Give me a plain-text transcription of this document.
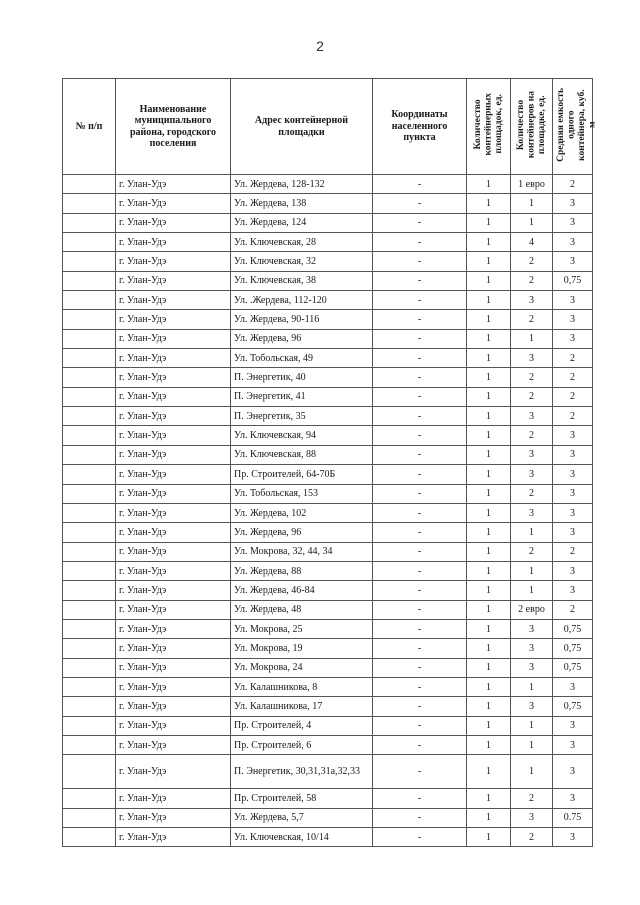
2
№ п/п	Наименование муниципального района, городского поселения	Адрес контейнерной площадки	Координаты населенного пункта	Количество
контейнерных
площадок, ед.	Количество
контейнеров на
площадке, ед.	Средняя емкость
одного
контейнера, куб.
м
	г. Улан-Удэ	Ул. Жердева, 128-132	-	1	1 евро	2
	г. Улан-Удэ	Ул. Жердева, 138	-	1	1	3
	г. Улан-Удэ	Ул. Жердева, 124	-	1	1	3
	г. Улан-Удэ	Ул. Ключевская, 28	-	1	4	3
	г. Улан-Удэ	Ул. Ключевская, 32	-	1	2	3
	г. Улан-Удэ	Ул. Ключевская, 38	-	1	2	0,75
	г. Улан-Удэ	Ул. .Жердева, 112-120	-	1	3	3
	г. Улан-Удэ	Ул. Жердева, 90-116	-	1	2	3
	г. Улан-Удэ	Ул. Жердева, 96	-	1	1	3
	г. Улан-Удэ	Ул. Тобольская, 49	-	1	3	2
	г. Улан-Удэ	П. Энергетик, 40	-	1	2	2
	г. Улан-Удэ	П. Энергетик, 41	-	1	2	2
	г. Улан-Удэ	П. Энергетик, 35	-	1	3	2
	г. Улан-Удэ	Ул. Ключевская, 94	-	1	2	3
	г. Улан-Удэ	Ул. Ключевская, 88	-	1	3	3
	г. Улан-Удэ	Пр. Строителей, 64-70Б	-	1	3	3
	г. Улан-Удэ	Ул. Тобольская, 153	-	1	2	3
	г. Улан-Удэ	Ул. Жердева, 102	-	1	3	3
	г. Улан-Удэ	Ул. Жердева, 96	-	1	1	3
	г. Улан-Удэ	Ул. Мокрова, 32, 44, 34	-	1	2	2
	г. Улан-Удэ	Ул. Жердева, 88	-	1	1	3
	г. Улан-Удэ	Ул. Жердева, 46-84	-	1	1	3
	г. Улан-Удэ	Ул. Жердева, 48	-	1	2 евро	2
	г. Улан-Удэ	Ул. Мокрова, 25	-	1	3	0,75
	г. Улан-Удэ	Ул. Мокрова, 19	-	1	3	0,75
	г. Улан-Удэ	Ул. Мокрова, 24	-	1	3	0,75
	г. Улан-Удэ	Ул. Калашникова, 8	-	1	1	3
	г. Улан-Удэ	Ул. Калашникова, 17	-	1	3	0,75
	г. Улан-Удэ	Пр. Строителей, 4	-	1	1	3
	г. Улан-Удэ	Пр. Строителей, 6	-	1	1	3
	г. Улан-Удэ	П. Энергетик, 30,31,31а,32,33	-	1	1	3
	г. Улан-Удэ	Пр. Строителей, 58	-	1	2	3
	г. Улан-Удэ	Ул. Жердева, 5,7	-	1	3	0.75
	г. Улан-Удэ	Ул. Ключевская, 10/14	-	1	2	3
